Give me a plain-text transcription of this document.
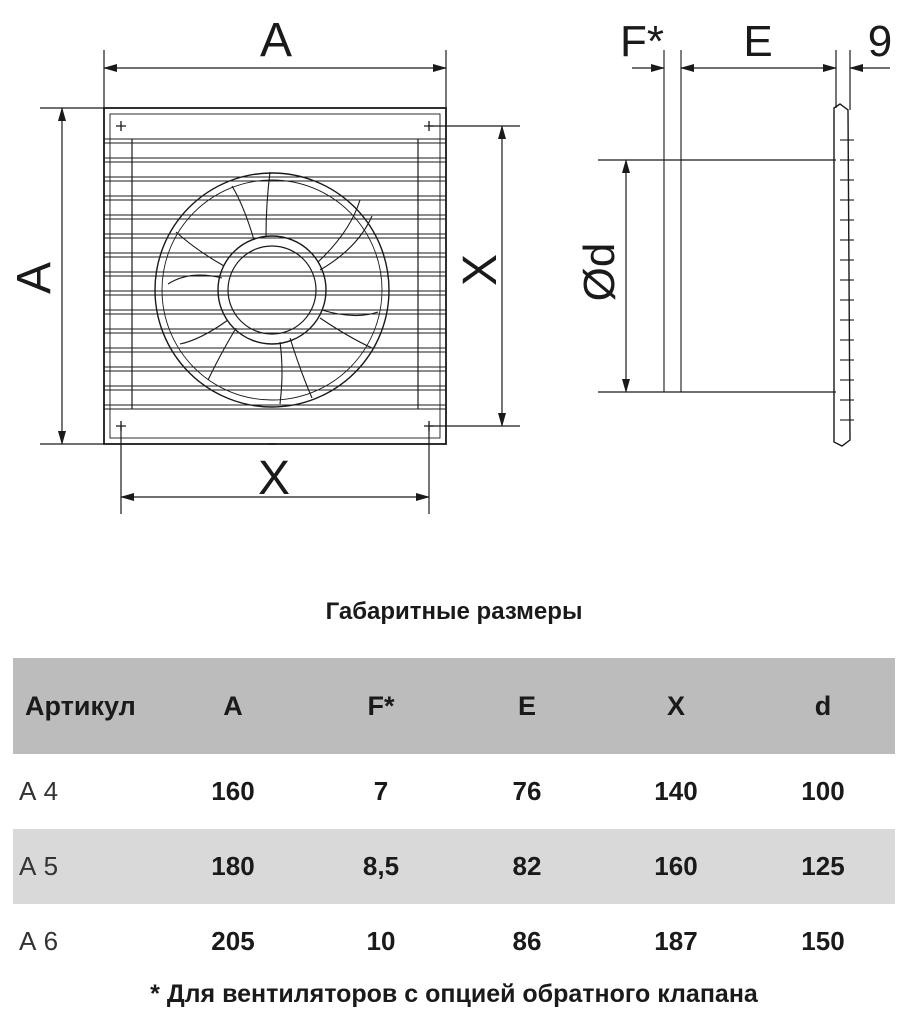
A
A	X
X
F* E 9
Ød
Габаритные размеры
Артикул	A	F*	E	X	d
А 4	160	7	76	140	100
А 5	180	8,5	82	160	125
А 6	205	10	86	187	150
* Для вентиляторов с опцией обратного клапана
